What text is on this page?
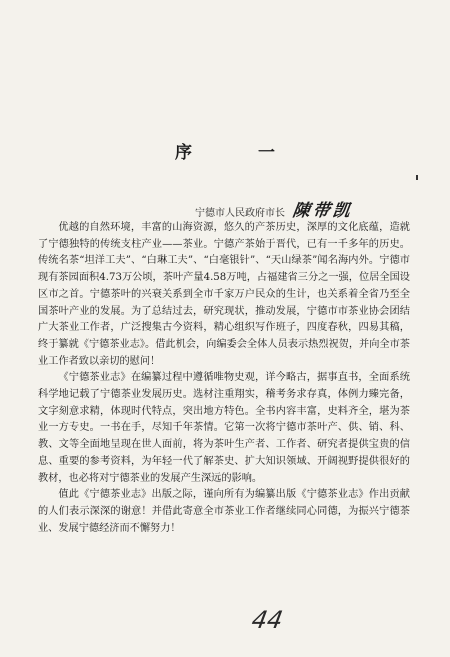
序 一
宁德市人民政府市长 陳带凯

优越的自然环境，丰富的山海资源，悠久的产茶历史，深厚的文化底蕴，造就了宁德独特的传统支柱产业——茶业。宁德产茶始于晋代，已有一千多年的历史。传统名茶“坦洋工夫”、“白琳工夫”、“白毫银针”、“天山绿茶”闻名海内外。宁德市现有茶园面积4.73万公顷，茶叶产量4.58万吨，占福建省三分之一强，位居全国设区市之首。宁德茶叶的兴衰关系到全市千家万户民众的生计，也关系着全省乃至全国茶叶产业的发展。为了总结过去，研究现状，推动发展，宁德市市茶业协会团结广大茶业工作者，广泛搜集古今资料，精心组织写作班子，四度春秋，四易其稿，终于纂就《宁德茶业志》。借此机会，向编委会全体人员表示热烈祝贺，并向全市茶业工作者致以亲切的慰问！

《宁德茶业志》在编纂过程中遵循唯物史观，详今略古，据事直书，全面系统科学地记载了宁德茶业发展历史。选材注重翔实，稽考务求存真，体例力臻完备，文字刻意求精，体现时代特点，突出地方特色。全书内容丰富，史料齐全，堪为茶业一方专史。一书在手，尽知千年茶情。它第一次将宁德市茶叶产、供、销、科、教、文等全面地呈现在世人面前，将为茶叶生产者、工作者、研究者提供宝贵的信息、重要的参考资料，为年轻一代了解茶史、扩大知识领域、开阔视野提供很好的教材，也必将对宁德茶业的发展产生深远的影响。

值此《宁德茶业志》出版之际，谨向所有为编纂出版《宁德茶业志》作出贡献的人们表示深深的谢意！并借此寄意全市茶业工作者继续同心同德，为振兴宁德茶业、发展宁德经济而不懈努力！

44
